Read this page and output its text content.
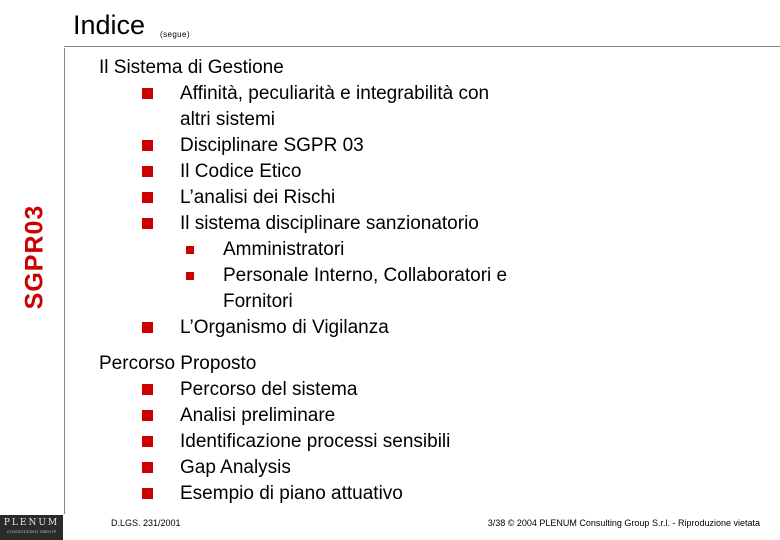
Indice (segue)
SGPR03
Il Sistema di Gestione
Affinità, peculiarità e integrabilità con
altri sistemi
Disciplinare SGPR 03
Il Codice Etico
L’analisi dei Rischi
Il sistema disciplinare sanzionatorio
Amministratori
Personale Interno, Collaboratori e
Fornitori
L’Organismo di Vigilanza
Percorso Proposto
Percorso del sistema
Analisi preliminare
Identificazione processi sensibili
Gap Analysis
Esempio di piano attuativo
PLENUM
CONSULTING GROUP
D.LGS. 231/2001	3/38 © 2004 PLENUM Consulting Group S.r.l. - Riproduzione vietata
